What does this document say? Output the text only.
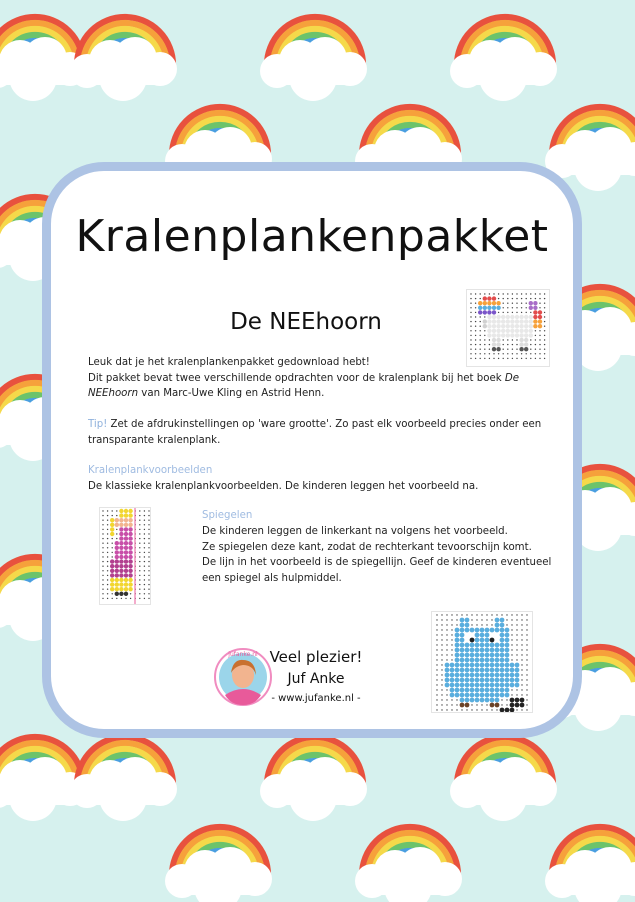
Kralenplankenpakket
De NEEhoorn
Leuk dat je het kralenplankenpakket gedownload hebt!
Dit pakket bevat twee verschillende opdrachten voor de kralenplank bij het boek De NEEhoorn van Marc-Uwe Kling en Astrid Henn.
Tip! Zet de afdrukinstellingen op 'ware grootte'. Zo past elk voorbeeld precies onder een transparante kralenplank.
Kralenplankvoorbeelden
De klassieke kralenplankvoorbeelden. De kinderen leggen het voorbeeld na.
Spiegelen
De kinderen leggen de linkerkant na volgens het voorbeeld.
Ze spiegelen deze kant, zodat de rechterkant tevoorschijn komt.
De lijn in het voorbeeld is de spiegellijn. Geef de kinderen eventueel een spiegel als hulpmiddel.
jufanke.nl Veel plezier!
Juf Anke
- www.jufanke.nl -
